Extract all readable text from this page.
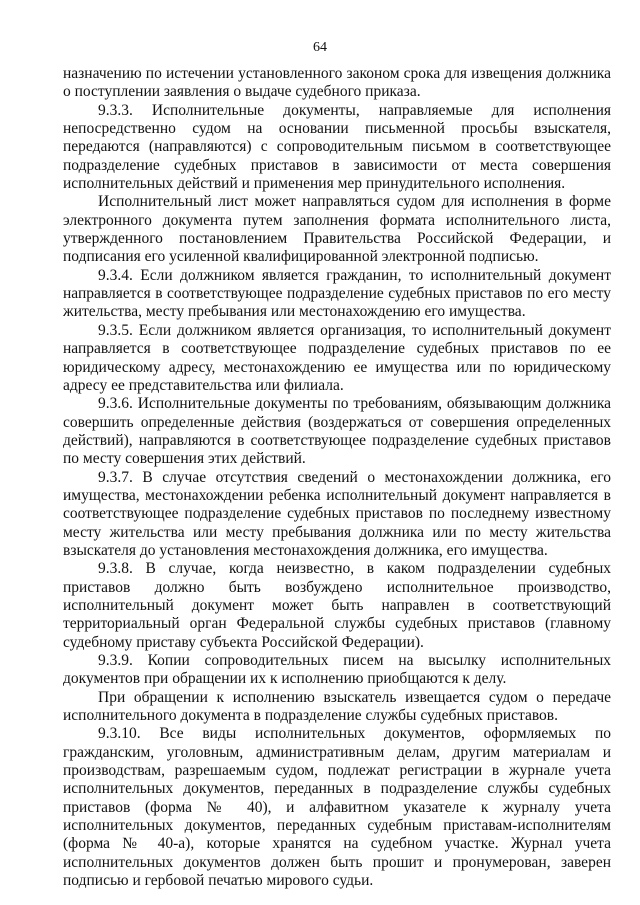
64

назначению по истечении установленного законом срока для извещения должника о поступлении заявления о выдаче судебного приказа.

9.3.3. Исполнительные документы, направляемые для исполнения непосредственно судом на основании письменной просьбы взыскателя, передаются (направляются) с сопроводительным письмом в соответствующее подразделение судебных приставов в зависимости от места совершения исполнительных действий и применения мер принудительного исполнения.

Исполнительный лист может направляться судом для исполнения в форме электронного документа путем заполнения формата исполнительного листа, утвержденного постановлением Правительства Российской Федерации, и подписания его усиленной квалифицированной электронной подписью.

9.3.4. Если должником является гражданин, то исполнительный документ направляется в соответствующее подразделение судебных приставов по его месту жительства, месту пребывания или местонахождению его имущества.

9.3.5. Если должником является организация, то исполнительный документ направляется в соответствующее подразделение судебных приставов по ее юридическому адресу, местонахождению ее имущества или по юридическому адресу ее представительства или филиала.

9.3.6. Исполнительные документы по требованиям, обязывающим должника совершить определенные действия (воздержаться от совершения определенных действий), направляются в соответствующее подразделение судебных приставов по месту совершения этих действий.

9.3.7. В случае отсутствия сведений о местонахождении должника, его имущества, местонахождении ребенка исполнительный документ направляется в соответствующее подразделение судебных приставов по последнему известному месту жительства или месту пребывания должника или по месту жительства взыскателя до установления местонахождения должника, его имущества.

9.3.8. В случае, когда неизвестно, в каком подразделении судебных приставов должно быть возбуждено исполнительное производство, исполнительный документ может быть направлен в соответствующий территориальный орган Федеральной службы судебных приставов (главному судебному приставу субъекта Российской Федерации).

9.3.9. Копии сопроводительных писем на высылку исполнительных документов при обращении их к исполнению приобщаются к делу.

При обращении к исполнению взыскатель извещается судом о передаче исполнительного документа в подразделение службы судебных приставов.

9.3.10. Все виды исполнительных документов, оформляемых по гражданским, уголовным, административным делам, другим материалам и производствам, разрешаемым судом, подлежат регистрации в журнале учета исполнительных документов, переданных в подразделение службы судебных приставов (форма № 40), и алфавитном указателе к журналу учета исполнительных документов, переданных судебным приставам-исполнителям (форма № 40-а), которые хранятся на судебном участке. Журнал учета исполнительных документов должен быть прошит и пронумерован, заверен подписью и гербовой печатью мирового судьи.
